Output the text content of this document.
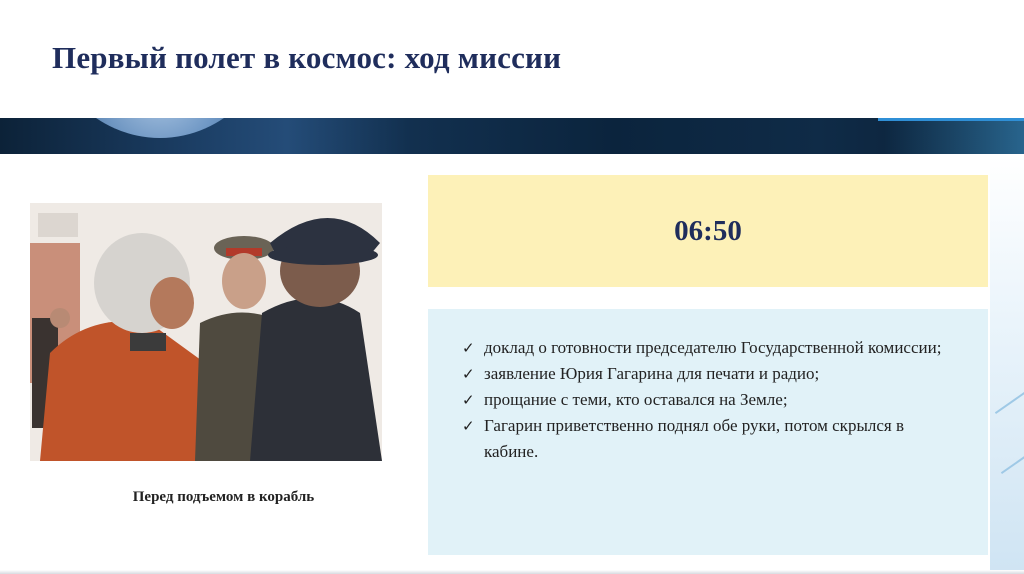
Первый полет в космос: ход миссии
Перед подъемом в корабль
06:50
✓ доклад о готовности председателю Государственной комиссии;
✓ заявление Юрия Гагарина для печати и радио;
✓ прощание с теми, кто оставался на Земле;
✓ Гагарин приветственно поднял обе руки, потом скрылся в кабине.
